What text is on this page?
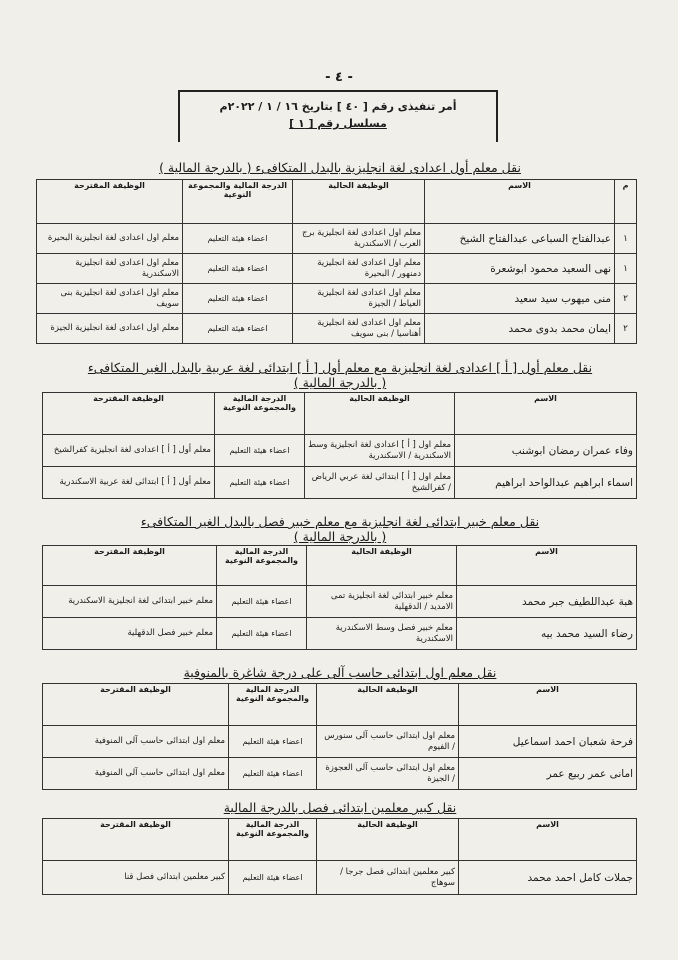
- ٤ -
أمر تنفيذى رقم [ ٤٠ ] بتاريخ ١٦ / ١ / ٢٠٢٢م
مسلسل رقم [ ١ ]
نقل معلم أول اعدادى لغة انجليزية بالبدل المتكافىء ( بالدرجة المالية )
م	الاسم	الوظيفة الحالية	الدرجة المالية والمجموعة النوعية	الوظيفة المقترحة
١	عبدالفتاح السباعى عبدالفتاح الشيخ	معلم اول اعدادى لغة انجليزية برج العرب / الاسكندرية	اعضاء هيئة التعليم	معلم اول اعدادى لغة انجليزية البحيرة
١	نهى السعيد محمود ابوشعرة	معلم اول اعدادى لغة انجليزية دمنهور / البحيرة	اعضاء هيئة التعليم	معلم اول اعدادى لغة انجليزية الاسكندرية
٢	منى ميهوب سيد سعيد	معلم اول اعدادى لغة انجليزية العياط / الجيزة	اعضاء هيئة التعليم	معلم اول اعدادى لغة انجليزية بنى سويف
٢	ايمان محمد بدوى محمد	معلم اول اعدادى لغة انجليزية أهناسيا / بنى سويف	اعضاء هيئة التعليم	معلم اول اعدادى لغة انجليزية الجيزة
نقل معلم أول [ أ ] اعدادى لغة انجليزية مع معلم أول [ أ ] ابتدائى لغة عربية بالبدل الغير المتكافىء
( بالدرجة المالية )
الاسم	الوظيفة الحالية	الدرجة المالية والمجموعة النوعية	الوظيفة المقترحة
وفاء عمران رمضان ابوشنب	معلم اول [ أ ] اعدادى لغة انجليزية وسط الاسكندرية / الاسكندرية	اعضاء هيئة التعليم	معلم أول [ أ ] اعدادى لغة انجليزية كفرالشيخ
اسماء ابراهيم عبدالواحد ابراهيم	معلم اول [ أ ] ابتدائى لغة عربي الرياض / كفرالشيخ	اعضاء هيئة التعليم	معلم أول [ أ ] ابتدائى لغة عربية الاسكندرية
نقل معلم خبير ابتدائى لغة انجليزية مع معلم خبير فصل بالبدل الغير المتكافىء
( بالدرجة المالية )
الاسم	الوظيفة الحالية	الدرجة المالية والمجموعة النوعية	الوظيفة المقترحة
هبة عبداللطيف جبر محمد	معلم خبير ابتدائى لغة انجليزية تمى الامديد / الدقهلية	اعضاء هيئة التعليم	معلم خبير ابتدائى لغة انجليزية الاسكندرية
رضاء السيد محمد بيه	معلم خبير فصل وسط الاسكندرية الاسكندرية	اعضاء هيئة التعليم	معلم خبير فصل الدقهلية
نقل معلم اول ابتدائى حاسب آلى على درجة شاغرة بالمنوفية
الاسم	الوظيفة الحالية	الدرجة المالية والمجموعة النوعية	الوظيفة المقترحة
فرحة شعبان احمد اسماعيل	معلم اول ابتدائى حاسب آلى سنورس / الفيوم	اعضاء هيئة التعليم	معلم اول ابتدائى حاسب آلى المنوفية
امانى عمر ربيع عمر	معلم اول ابتدائى حاسب آلى العجوزة / الجيزة	اعضاء هيئة التعليم	معلم اول ابتدائى حاسب آلى المنوفية
نقل كبير معلمين ابتدائى فصل بالدرجة المالية
الاسم	الوظيفة الحالية	الدرجة المالية والمجموعة النوعية	الوظيفة المقترحة
جملات كامل احمد محمد	كبير معلمين ابتدائى فصل جرجا / سوهاج	اعضاء هيئة التعليم	كبير معلمين ابتدائى فصل قنا
